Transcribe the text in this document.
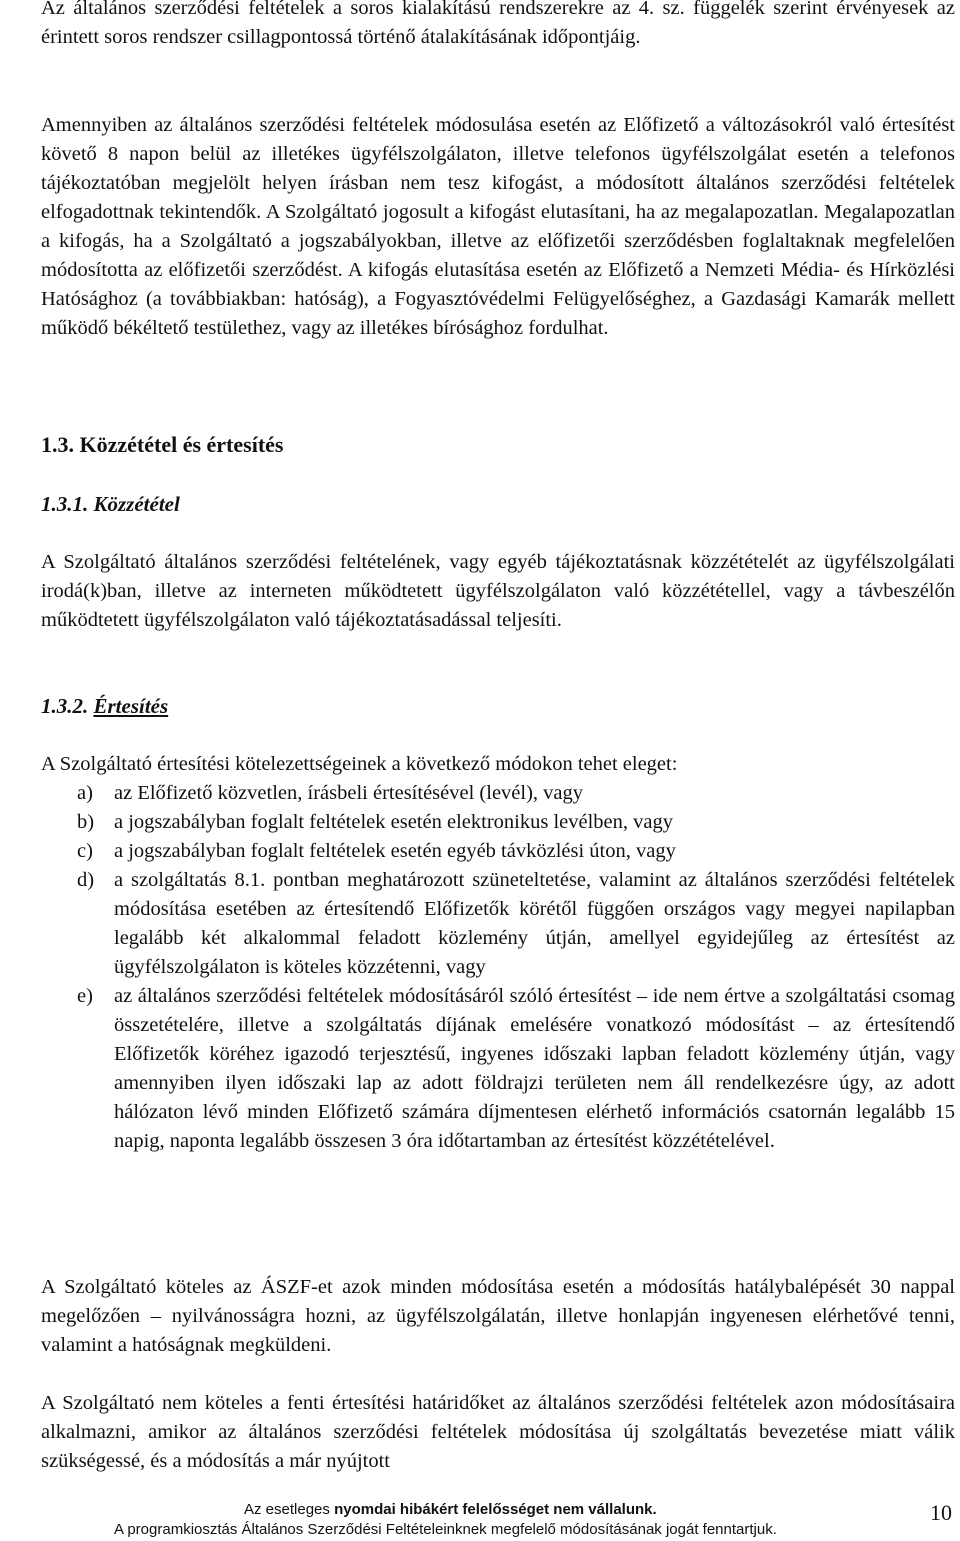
Az általános szerződési feltételek a soros kialakítású rendszerekre az 4. sz. függelék szerint érvényesek az érintett soros rendszer csillagpontossá történő átalakításának időpontjáig.

Amennyiben az általános szerződési feltételek módosulása esetén az Előfizető a változásokról való értesítést követő 8 napon belül az illetékes ügyfélszolgálaton, illetve telefonos ügyfélszolgálat esetén a telefonos tájékoztatóban megjelölt helyen írásban nem tesz kifogást, a módosított általános szerződési feltételek elfogadottnak tekintendők. A Szolgáltató jogosult a kifogást elutasítani, ha az megalapozatlan. Megalapozatlan a kifogás, ha a Szolgáltató a jogszabályokban, illetve az előfizetői szerződésben foglaltaknak megfelelően módosította az előfizetői szerződést. A kifogás elutasítása esetén az Előfizető a Nemzeti Média- és Hírközlési Hatósághoz (a továbbiakban: hatóság), a Fogyasztóvédelmi Felügyelőséghez, a Gazdasági Kamarák mellett működő békéltető testülethez, vagy az illetékes bírósághoz fordulhat.

1.3. Közzététel és értesítés
1.3.1. Közzététel

A Szolgáltató általános szerződési feltételének, vagy egyéb tájékoztatásnak közzétételét az ügyfélszolgálati irodá(k)ban, illetve az interneten működtetett ügyfélszolgálaton való közzététellel, vagy a távbeszélőn működtetett ügyfélszolgálaton való tájékoztatásadással teljesíti.

1.3.2. Értesítés

A Szolgáltató értesítési kötelezettségeinek a következő módokon tehet eleget:

a)	az Előfizető közvetlen, írásbeli értesítésével (levél), vagy
b) a jogszabályban foglalt feltételek esetén elektronikus levélben, vagy
c)	a jogszabályban foglalt feltételek esetén egyéb távközlési úton, vagy
d) a szolgáltatás 8.1. pontban meghatározott szüneteltetése, valamint az általános szerződési feltételek módosítása esetében az értesítendő Előfizetők körétől függően országos vagy megyei napilapban legalább két alkalommal feladott közlemény útján, amellyel egyidejűleg az értesítést az ügyfélszolgálaton is köteles közzétenni, vagy
e)	az általános szerződési feltételek módosításáról szóló értesítést – ide nem értve a szolgáltatási csomag összetételére, illetve a szolgáltatás díjának emelésére vonatkozó módosítást – az értesítendő Előfizetők köréhez igazodó terjesztésű, ingyenes időszaki lapban feladott közlemény útján, vagy amennyiben ilyen időszaki lap az adott földrajzi területen nem áll rendelkezésre úgy, az adott hálózaton lévő minden Előfizető számára díjmentesen elérhető információs csatornán legalább 15 napig, naponta legalább összesen 3 óra időtartamban az értesítést közzétételével.

A Szolgáltató köteles az ÁSZF-et azok minden módosítása esetén a módosítás hatálybalépését 30 nappal megelőzően – nyilvánosságra hozni, az ügyfélszolgálatán, illetve honlapján ingyenesen elérhetővé tenni, valamint a hatóságnak megküldeni.

A Szolgáltató nem köteles a fenti értesítési határidőket az általános szerződési feltételek azon módosításaira alkalmazni, amikor az általános szerződési feltételek módosítása új szolgáltatás bevezetése miatt válik szükségessé, és a módosítás a már nyújtott

Az esetleges nyomdai hibákért felelősséget nem vállalunk.
A programkiosztás Általános Szerződési Feltételeinknek megfelelő módosításának jogát fenntartjuk.
10
